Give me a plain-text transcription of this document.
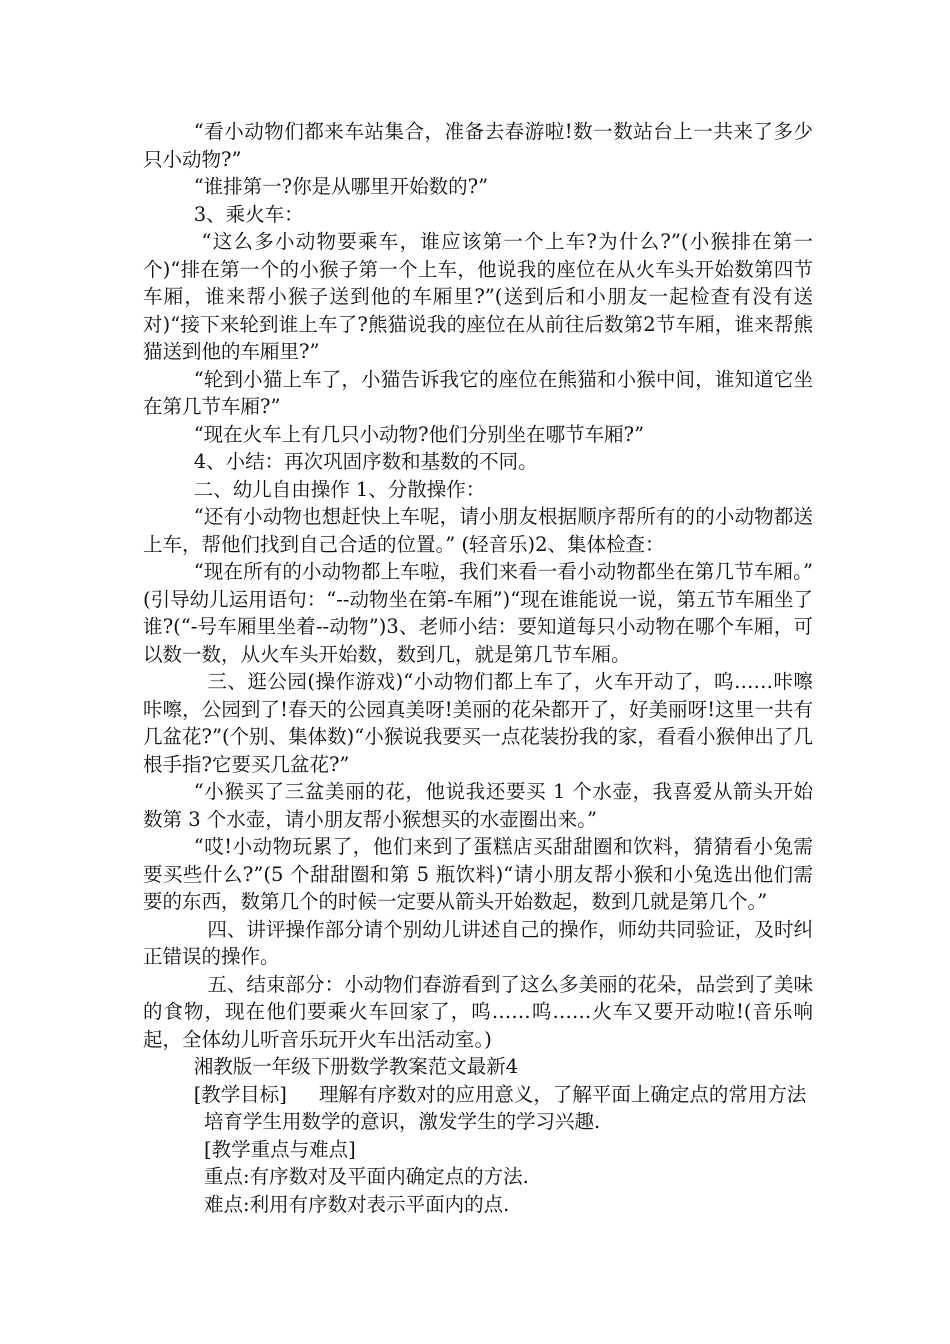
“看小动物们都来车站集合，准备去春游啦!数一数站台上一共来了多少只小动物?”

“谁排第一?你是从哪里开始数的?”

3、乘火车：

“这么多小动物要乘车，谁应该第一个上车?为什么?”(小猴排在第一个)“排在第一个的小猴子第一个上车，他说我的座位在从火车头开始数第四节车厢，谁来帮小猴子送到他的车厢里?”(送到后和小朋友一起检查有没有送对)“接下来轮到谁上车了?熊猫说我的座位在从前往后数第2节车厢，谁来帮熊猫送到他的车厢里?”

“轮到小猫上车了，小猫告诉我它的座位在熊猫和小猴中间，谁知道它坐在第几节车厢?”

“现在火车上有几只小动物?他们分别坐在哪节车厢?”

4、小结：再次巩固序数和基数的不同。

二、幼儿自由操作 1、分散操作：

“还有小动物也想赶快上车呢，请小朋友根据顺序帮所有的的小动物都送上车，帮他们找到自己合适的位置。” (轻音乐)2、集体检查：

“现在所有的小动物都上车啦，我们来看一看小动物都坐在第几节车厢。” (引导幼儿运用语句：“--动物坐在第-车厢”)“现在谁能说一说，第五节车厢坐了谁?(“-号车厢里坐着--动物”)3、老师小结：要知道每只小动物在哪个车厢，可以数一数，从火车头开始数，数到几，就是第几节车厢。

三、逛公园(操作游戏)“小动物们都上车了，火车开动了，呜……咔嚓咔嚓，公园到了!春天的公园真美呀!美丽的花朵都开了，好美丽呀!这里一共有几盆花?”(个别、集体数)“小猴说我要买一点花装扮我的家，看看小猴伸出了几根手指?它要买几盆花?”

“小猴买了三盆美丽的花，他说我还要买 1 个水壶，我喜爱从箭头开始数第 3 个水壶，请小朋友帮小猴想买的水壶圈出来。”

“哎!小动物玩累了，他们来到了蛋糕店买甜甜圈和饮料，猜猜看小兔需要买些什么?”(5 个甜甜圈和第 5 瓶饮料)“请小朋友帮小猴和小兔选出他们需要的东西，数第几个的时候一定要从箭头开始数起，数到几就是第几个。”

四、讲评操作部分请个别幼儿讲述自己的操作，师幼共同验证，及时纠正错误的操作。

五、结束部分：小动物们春游看到了这么多美丽的花朵，品尝到了美味的食物，现在他们要乘火车回家了，呜……呜……火车又要开动啦!(音乐响起，全体幼儿听音乐玩开火车出活动室。)

湘教版一年级下册数学教案范文最新4

[教学目标] 理解有序数对的应用意义，了解平面上确定点的常用方法

培育学生用数学的意识，激发学生的学习兴趣.

[教学重点与难点]

重点:有序数对及平面内确定点的方法.

难点:利用有序数对表示平面内的点.
